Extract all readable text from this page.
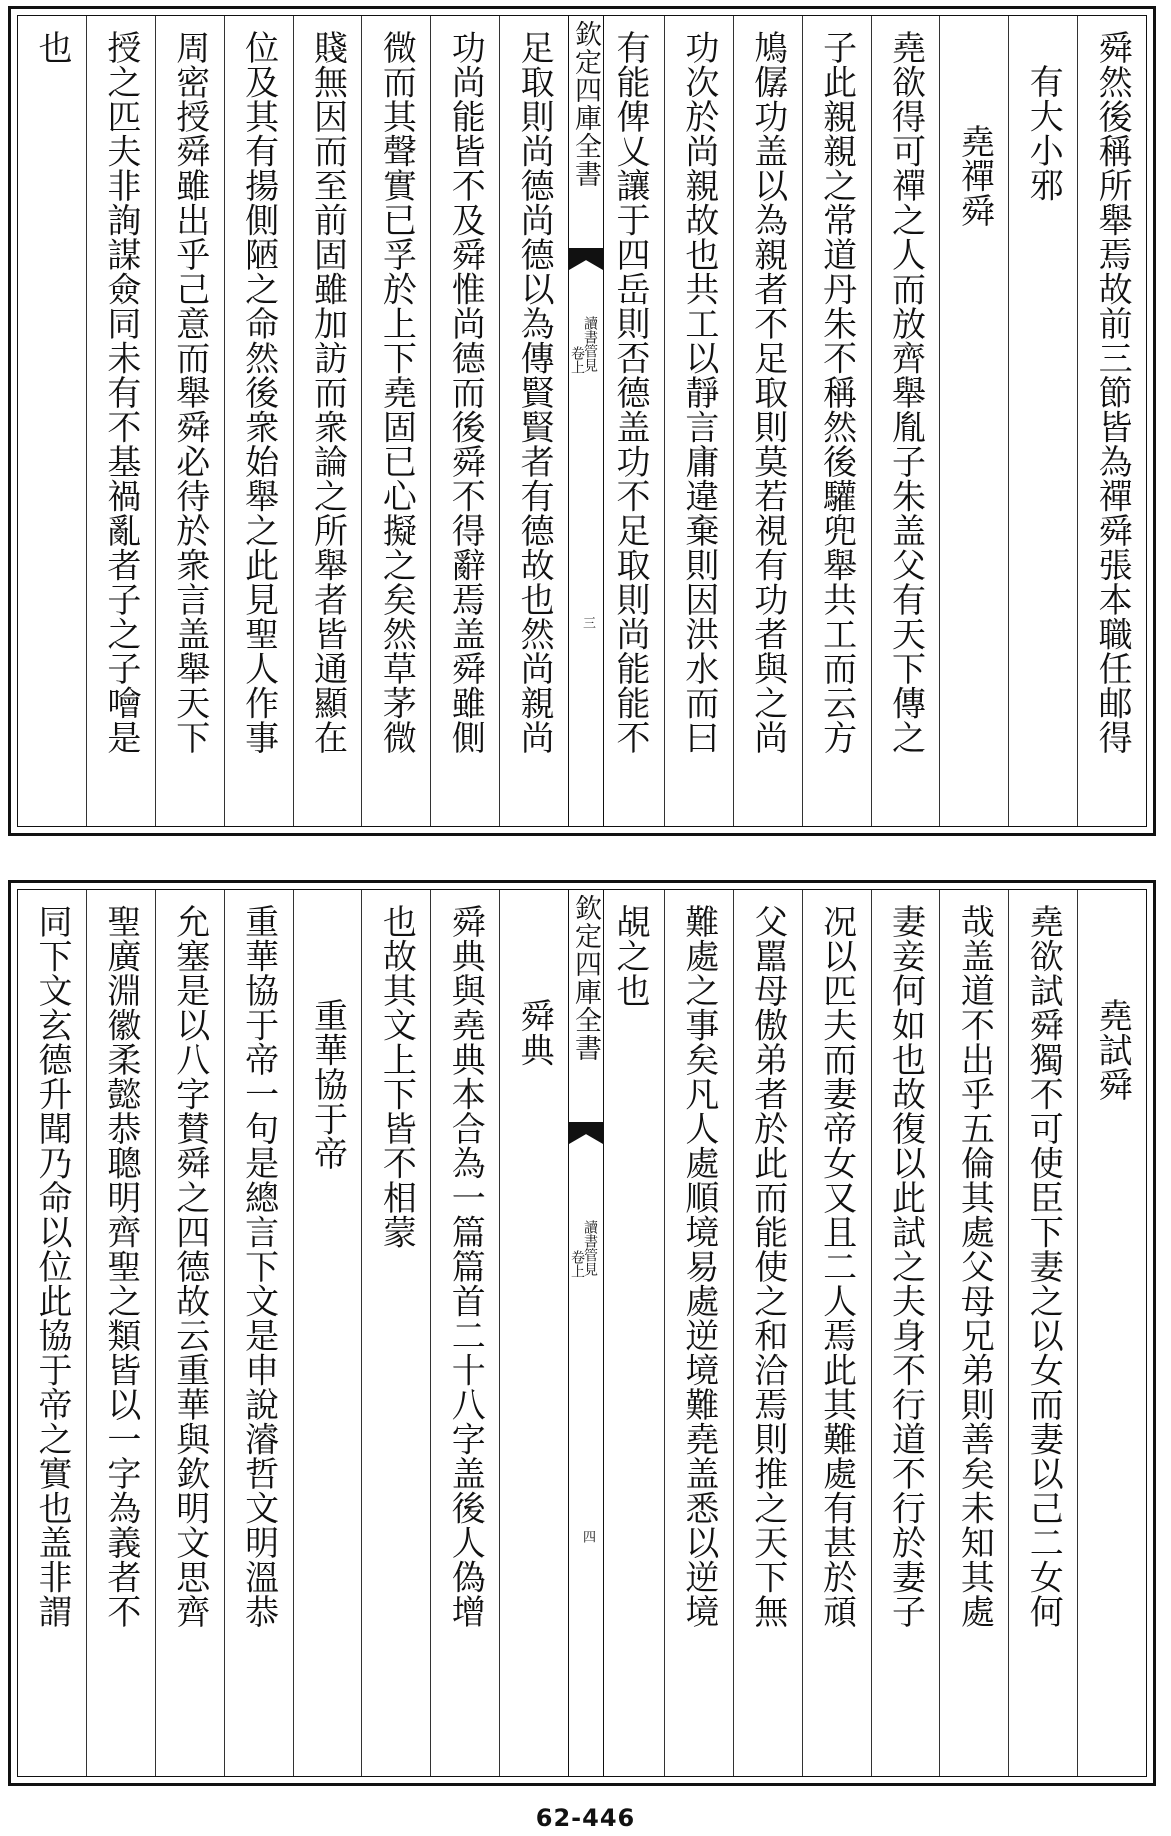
舜然後稱所舉焉故前三節皆為禪舜張本職任邮得
有大小邪
堯禪舜
堯欲得可禪之人而放齊舉胤子朱盖父有天下傳之
子此親親之常道丹朱不稱然後驩兜舉共工而云方
鳩僝功盖以為親者不足取則莫若視有功者與之尚
功次於尚親故也共工以靜言庸違棄則因洪水而曰
有能俾乂讓于四岳則否德盖功不足取則尚能能不
欽定四庫全書
讀書管見
卷上
三
足取則尚德尚德以為傳賢賢者有德故也然尚親尚
功尚能皆不及舜惟尚德而後舜不得辭焉盖舜雖側
微而其聲實已孚於上下堯固已心擬之矣然草茅微
賤無因而至前固雖加訪而衆論之所舉者皆通顯在
位及其有揚側陋之命然後衆始舉之此見聖人作事
周密授舜雖出乎己意而舉舜必待於衆言盖舉天下
授之匹夫非詢謀僉同未有不基禍亂者子之子噲是
也
堯試舜
堯欲試舜獨不可使臣下妻之以女而妻以己二女何
哉盖道不出乎五倫其處父母兄弟則善矣未知其處
妻妾何如也故復以此試之夫身不行道不行於妻子
况以匹夫而妻帝女又且二人焉此其難處有甚於頑
父嚚母傲弟者於此而能使之和洽焉則推之天下無
難處之事矣凡人處順境易處逆境難堯盖悉以逆境
覘之也
欽定四庫全書
讀書管見
卷上
四
舜典
舜典與堯典本合為一篇篇首二十八字盖後人偽增
也故其文上下皆不相蒙
重華協于帝
重華協于帝一句是總言下文是申說濬哲文明溫恭
允塞是以八字賛舜之四德故云重華與欽明文思齊
聖廣淵徽柔懿恭聰明齊聖之類皆以一字為義者不
同下文玄德升聞乃命以位此協于帝之實也盖非謂
62-446
